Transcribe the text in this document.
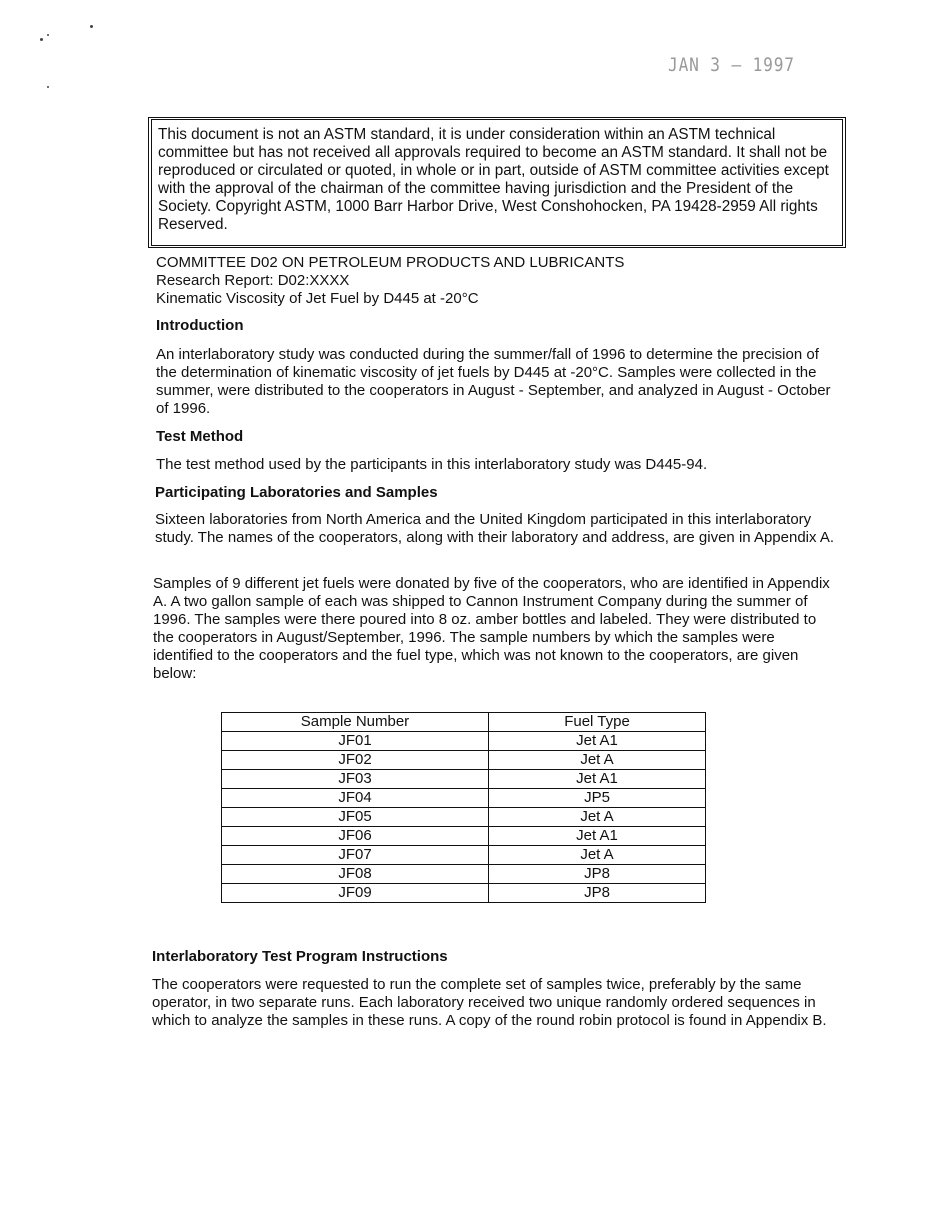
JAN 3 — 1997
This document is not an ASTM standard, it is under consideration within an ASTM technical committee but has not received all approvals required to become an ASTM standard. It shall not be reproduced or circulated or quoted, in whole or in part, outside of ASTM committee activities except with the approval of the chairman of the committee having jurisdiction and the President of the Society. Copyright ASTM, 1000 Barr Harbor Drive, West Conshohocken, PA 19428-2959 All rights Reserved.
COMMITTEE D02 ON PETROLEUM PRODUCTS AND LUBRICANTS
Research Report: D02:XXXX
Kinematic Viscosity of Jet Fuel by D445 at -20°C
Introduction
An interlaboratory study was conducted during the summer/fall of 1996 to determine the precision of the determination of kinematic viscosity of jet fuels by D445 at -20°C. Samples were collected in the summer, were distributed to the cooperators in August - September, and analyzed in August - October of 1996.
Test Method
The test method used by the participants in this interlaboratory study was D445-94.
Participating Laboratories and Samples
Sixteen laboratories from North America and the United Kingdom participated in this interlaboratory study. The names of the cooperators, along with their laboratory and address, are given in Appendix A.
Samples of 9 different jet fuels were donated by five of the cooperators, who are identified in Appendix A. A two gallon sample of each was shipped to Cannon Instrument Company during the summer of 1996. The samples were there poured into 8 oz. amber bottles and labeled. They were distributed to the cooperators in August/September, 1996. The sample numbers by which the samples were identified to the cooperators and the fuel type, which was not known to the cooperators, are given below:
Sample Number	Fuel Type
JF01	Jet A1
JF02	Jet A
JF03	Jet A1
JF04	JP5
JF05	Jet A
JF06	Jet A1
JF07	Jet A
JF08	JP8
JF09	JP8
Interlaboratory Test Program Instructions
The cooperators were requested to run the complete set of samples twice, preferably by the same operator, in two separate runs. Each laboratory received two unique randomly ordered sequences in which to analyze the samples in these runs. A copy of the round robin protocol is found in Appendix B.
